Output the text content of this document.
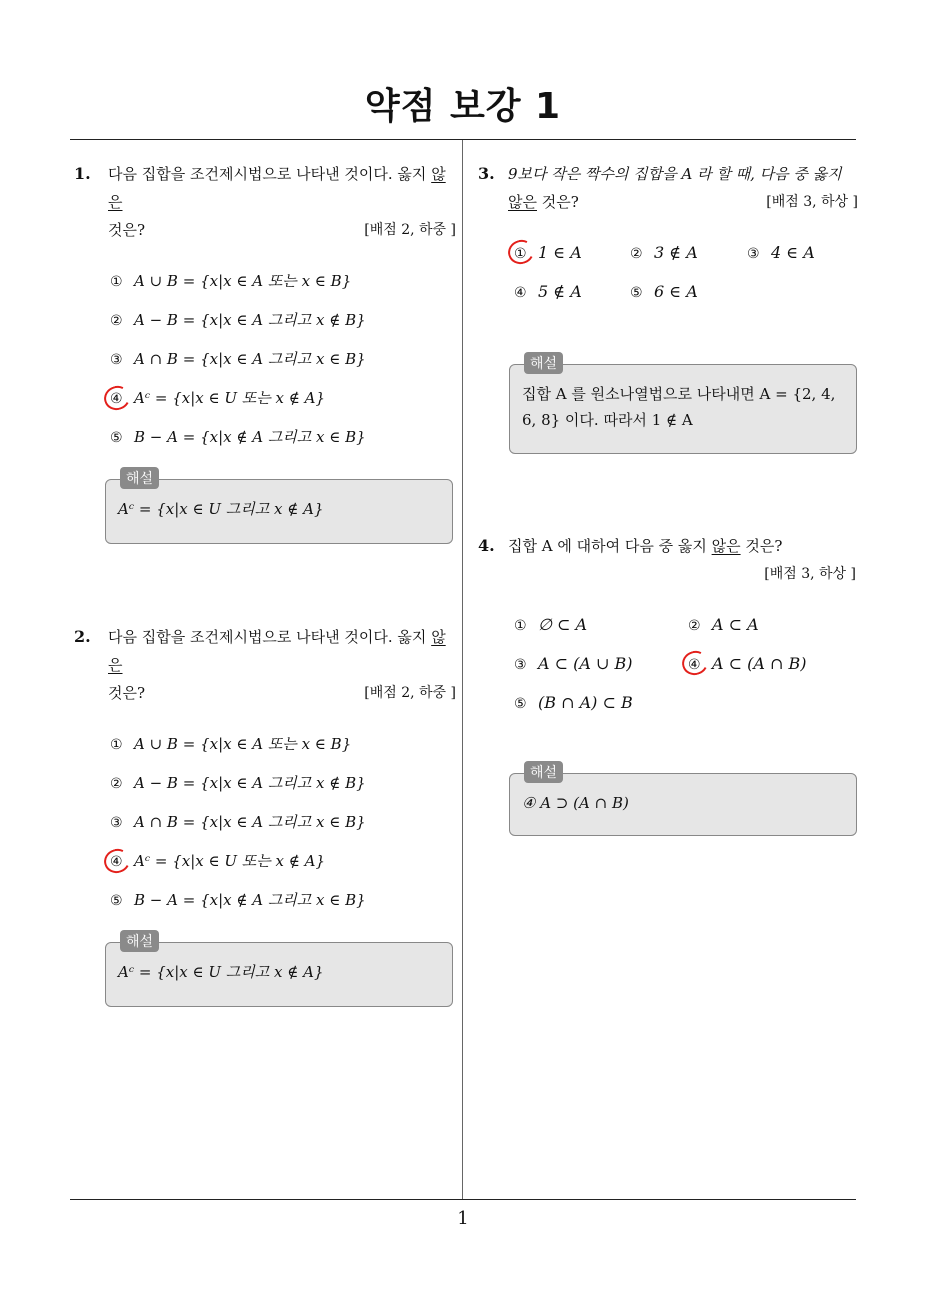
약점 보강 1
1. 다음 집합을 조건제시법으로 나타낸 것이다. 옳지 않은
것은?	[배점 2, 하중 ]
① A ∪ B = {x|x ∈ A 또는 x ∈ B}
② A − B = {x|x ∈ A 그리고 x ∉ B}
③ A ∩ B = {x|x ∈ A 그리고 x ∈ B}
④ Aᶜ = {x|x ∈ U 또는 x ∉ A}
⑤ B − A = {x|x ∉ A 그리고 x ∈ B}
해설
Aᶜ = {x|x ∈ U 그리고 x ∉ A}
2. 다음 집합을 조건제시법으로 나타낸 것이다. 옳지 않은
것은?	[배점 2, 하중 ]
① A ∪ B = {x|x ∈ A 또는 x ∈ B}
② A − B = {x|x ∈ A 그리고 x ∉ B}
③ A ∩ B = {x|x ∈ A 그리고 x ∈ B}
④ Aᶜ = {x|x ∈ U 또는 x ∉ A}
⑤ B − A = {x|x ∉ A 그리고 x ∈ B}
해설
Aᶜ = {x|x ∈ U 그리고 x ∉ A}
3. 9보다 작은 짝수의 집합을 A 라 할 때, 다음 중 옳지
않은 것은?	[배점 3, 하상 ]
① 1 ∈ A	② 3 ∉ A	③ 4 ∈ A
④ 5 ∉ A	⑤ 6 ∈ A
해설
집합 A 를 원소나열법으로 나타내면 A = {2, 4, 6, 8} 이다. 따라서 1 ∉ A
4. 집합 A 에 대하여 다음 중 옳지 않은 것은?
[배점 3, 하상 ]
① ∅ ⊂ A	② A ⊂ A
③ A ⊂ (A ∪ B)	④ A ⊂ (A ∩ B)
⑤ (B ∩ A) ⊂ B
해설
④ A ⊃ (A ∩ B)
1
